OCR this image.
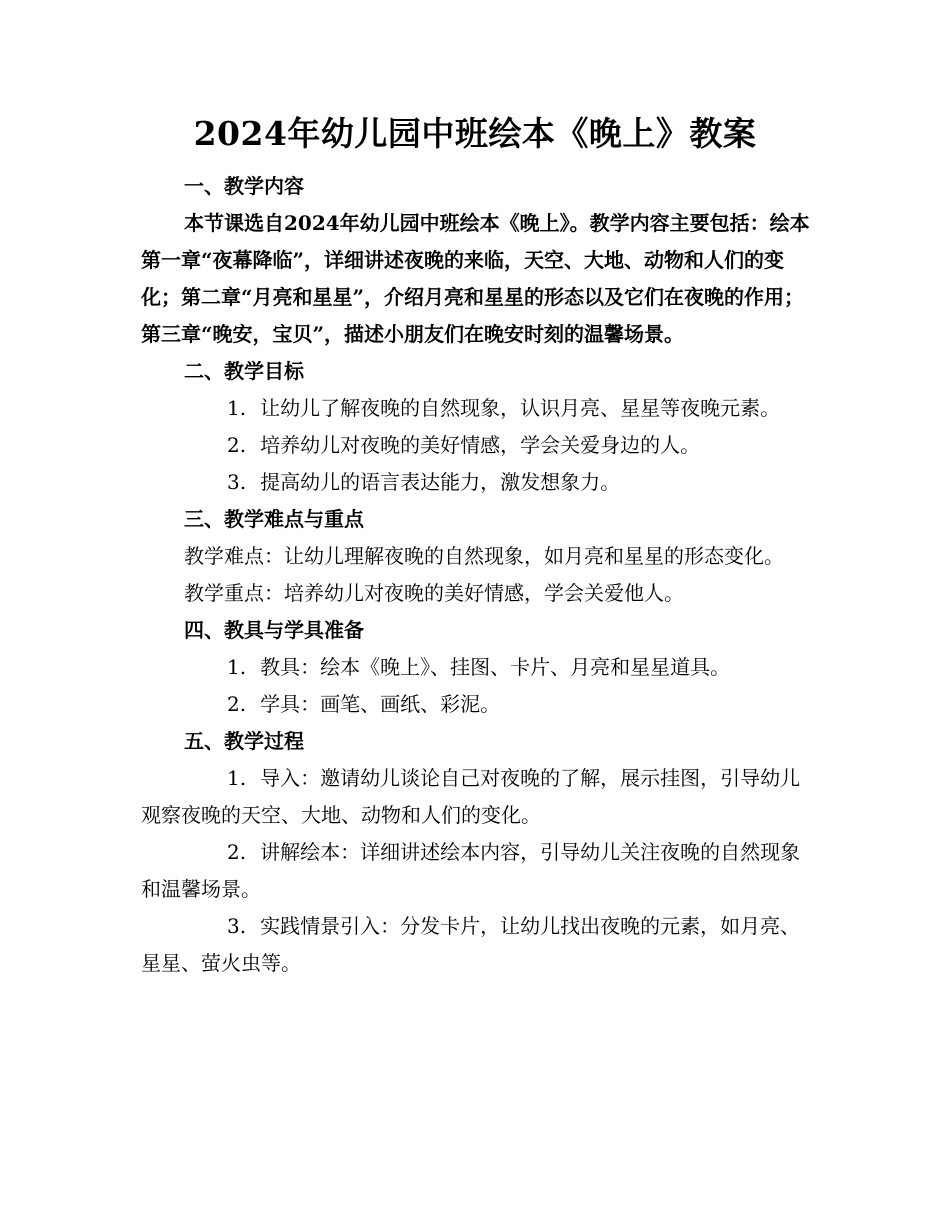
2024年幼儿园中班绘本《晚上》教案

一、教学内容

本节课选自2024年幼儿园中班绘本《晚上》。教学内容主要包括：绘本第一章“夜幕降临”，详细讲述夜晚的来临，天空、大地、动物和人们的变化；第二章“月亮和星星”，介绍月亮和星星的形态以及它们在夜晚的作用；第三章“晚安，宝贝”，描述小朋友们在晚安时刻的温馨场景。

二、教学目标

1. 让幼儿了解夜晚的自然现象，认识月亮、星星等夜晚元素。

2. 培养幼儿对夜晚的美好情感，学会关爱身边的人。

3. 提高幼儿的语言表达能力，激发想象力。

三、教学难点与重点

教学难点：让幼儿理解夜晚的自然现象，如月亮和星星的形态变化。

教学重点：培养幼儿对夜晚的美好情感，学会关爱他人。

四、教具与学具准备

1. 教具：绘本《晚上》、挂图、卡片、月亮和星星道具。

2. 学具：画笔、画纸、彩泥。

五、教学过程

1. 导入：邀请幼儿谈论自己对夜晚的了解，展示挂图，引导幼儿观察夜晚的天空、大地、动物和人们的变化。

2. 讲解绘本：详细讲述绘本内容，引导幼儿关注夜晚的自然现象和温馨场景。

3. 实践情景引入：分发卡片，让幼儿找出夜晚的元素，如月亮、星星、萤火虫等。
